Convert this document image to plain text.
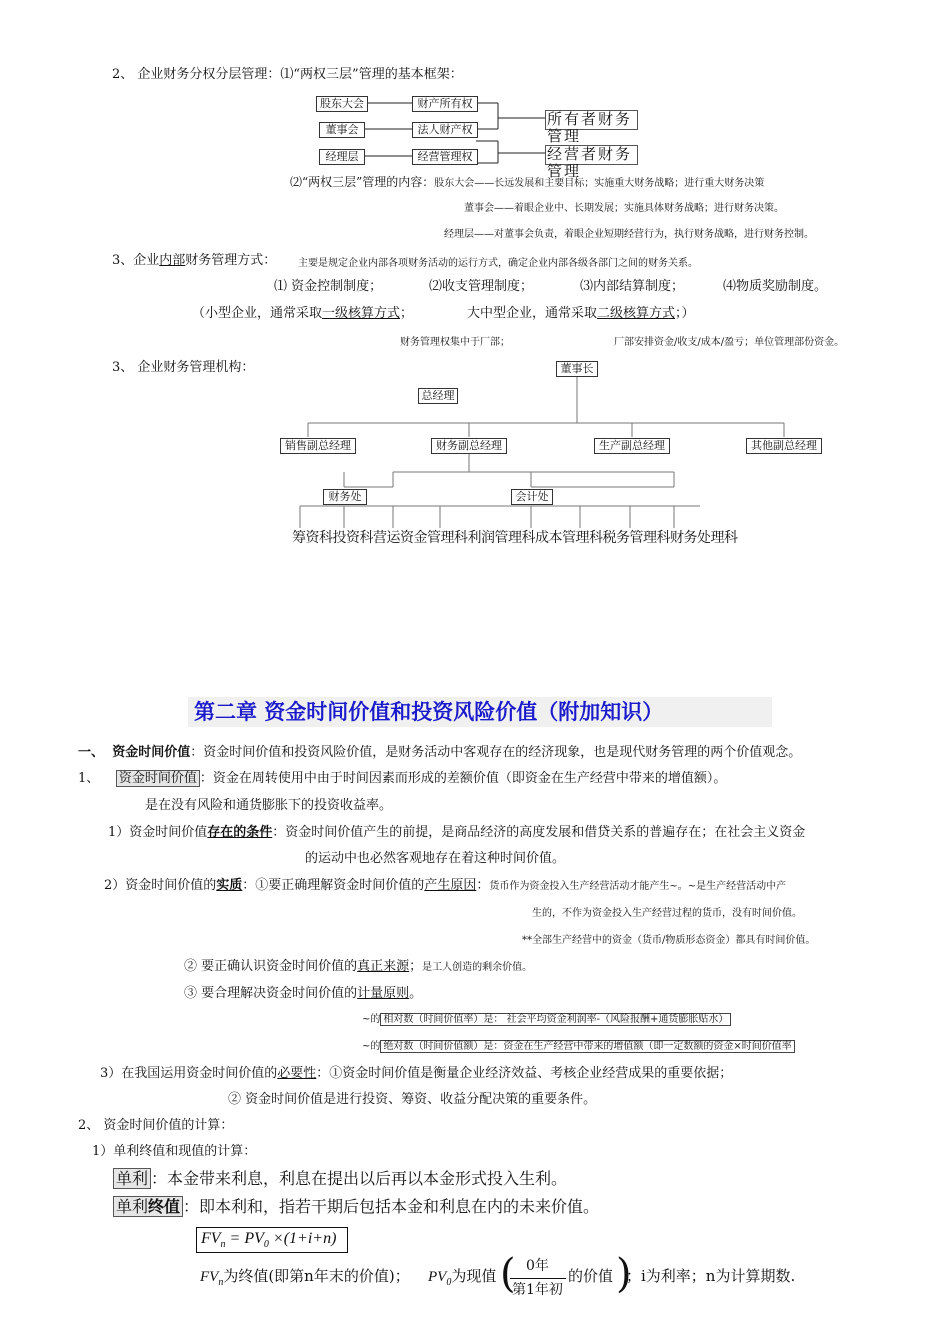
2、 企业财务分权分层管理：⑴“两权三层”管理的基本框架：
股东大会	财产所有权
董事会	法人财产权
经理层	经营管理权
所有者财务管理
经营者财务管理
⑵“两权三层”管理的内容：股东大会——长远发展和主要目标；实施重大财务战略；进行重大财务决策
董事会——着眼企业中、长期发展；实施具体财务战略；进行财务决策。
经理层——对董事会负责，着眼企业短期经营行为，执行财务战略，进行财务控制。
3、企业内部财务管理方式： 主要是规定企业内部各项财务活动的运行方式，确定企业内部各级各部门之间的财务关系。
⑴ 资金控制制度；	⑵收支管理制度；	⑶内部结算制度；	⑷物质奖励制度。
（小型企业，通常采取一级核算方式；	大中型企业，通常采取二级核算方式；）
财务管理权集中于厂部；	厂部安排资金/收支/成本/盈亏；单位管理部份资金。
3、 企业财务管理机构：	董事长
总经理
销售副总经理	财务副总经理	生产副总经理	其他副总经理
财务处	会计处
筹资科投资科营运资金管理科利润管理科成本管理科税务管理科财务处理科
第二章 资金时间价值和投资风险价值（附加知识）
一、 资金时间价值：资金时间价值和投资风险价值，是财务活动中客观存在的经济现象，也是现代财务管理的两个价值观念。
1、 资金时间价值 ：资金在周转使用中由于时间因素而形成的差额价值（即资金在生产经营中带来的增值额）。
是在没有风险和通货膨胀下的投资收益率。
1）资金时间价值存在的条件：资金时间价值产生的前提，是商品经济的高度发展和借贷关系的普遍存在；在社会主义资金
的运动中也必然客观地存在着这种时间价值。
2）资金时间价值的实质：①要正确理解资金时间价值的产生原因：货币作为资金投入生产经营活动才能产生~。~是生产经营活动中产
生的，不作为资金投入生产经营过程的货币，没有时间价值。
**全部生产经营中的资金（货币/物质形态资金）都具有时间价值。
② 要正确认识资金时间价值的真正来源；是工人创造的剩余价值。
③ 要合理解决资金时间价值的计量原则。
~的 相对数（时间价值率）是： 社会平均资金利润率-（风险报酬+通货膨胀贴水）
~的 绝对数（时间价值额）是：资金在生产经营中带来的增值额（即一定数额的资金×时间价值率
3）在我国运用资金时间价值的必要性：①资金时间价值是衡量企业经济效益、考核企业经营成果的重要依据；
② 资金时间价值是进行投资、筹资、收益分配决策的重要条件。
2、 资金时间价值的计算：
1）单利终值和现值的计算：
单利 ：本金带来利息，利息在提出以后再以本金形式投入生利。
单利终值 ：即本利和，指若干期后包括本金和利息在内的未来价值。
$FV_n = PV_0 \times(1+i+n)$
$FV_n$为终值(即第n年末的价值)； $PV_0$为现值 ( 0年
第1年初
的价值 )
；i为利率；n为计算期数.
